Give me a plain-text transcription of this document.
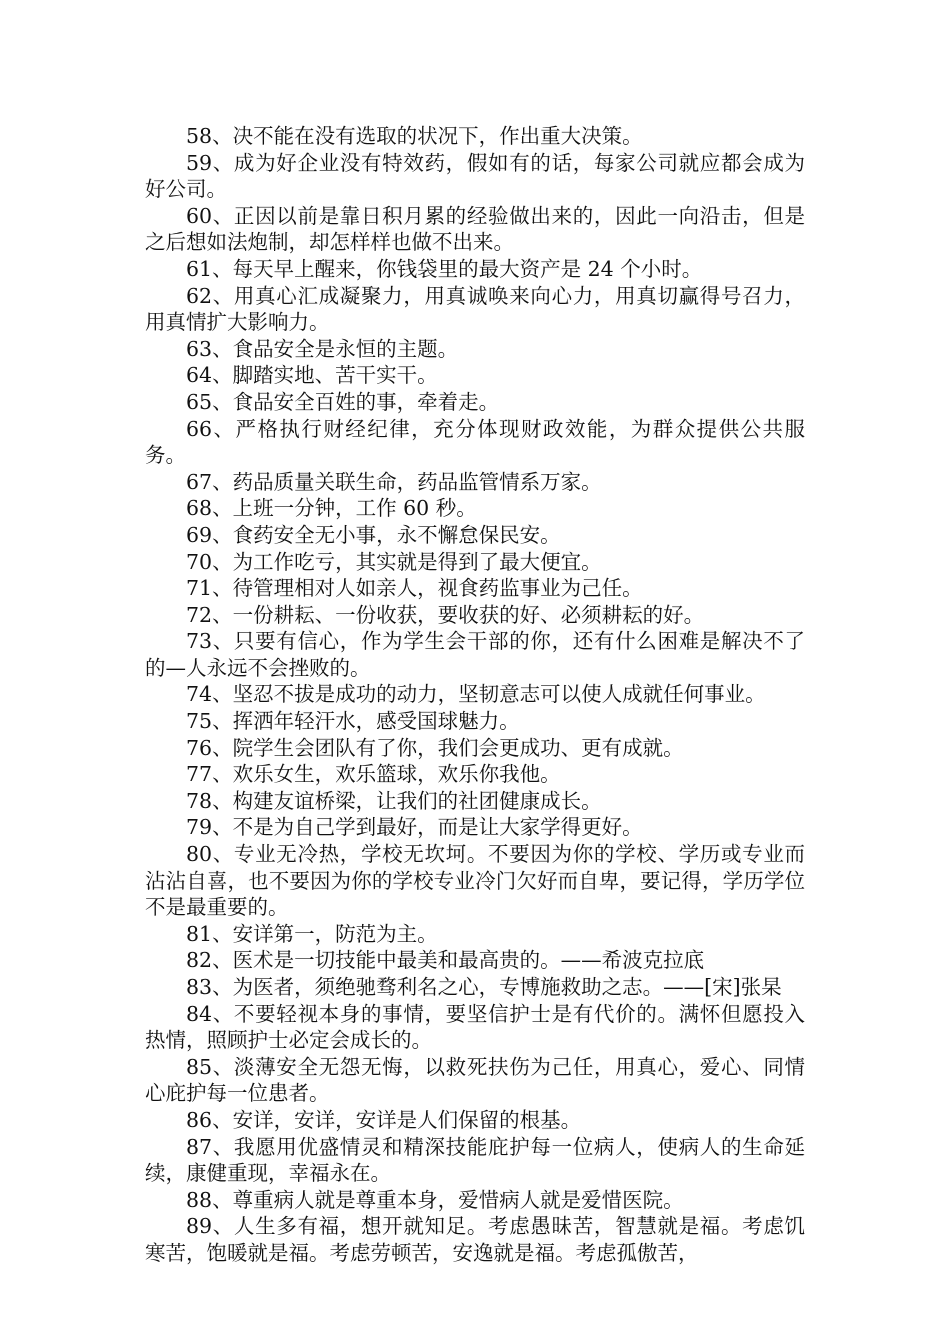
58、决不能在没有选取的状况下，作出重大决策。

59、成为好企业没有特效药，假如有的话，每家公司就应都会成为好公司。

60、正因以前是靠日积月累的经验做出来的，因此一向沿击，但是之后想如法炮制，却怎样样也做不出来。

61、每天早上醒来，你钱袋里的最大资产是 24 个小时。

62、用真心汇成凝聚力，用真诚唤来向心力，用真切赢得号召力，用真情扩大影响力。

63、食品安全是永恒的主题。

64、脚踏实地、苦干实干。

65、食品安全百姓的事，牵着走。

66、严格执行财经纪律，充分体现财政效能，为群众提供公共服务。

67、药品质量关联生命，药品监管情系万家。

68、上班一分钟，工作 60 秒。

69、食药安全无小事，永不懈怠保民安。

70、为工作吃亏，其实就是得到了最大便宜。

71、待管理相对人如亲人，视食药监事业为己任。

72、一份耕耘、一份收获，要收获的好、必须耕耘的好。

73、只要有信心，作为学生会干部的你，还有什么困难是解决不了的—人永远不会挫败的。

74、坚忍不拔是成功的动力，坚韧意志可以使人成就任何事业。

75、挥洒年轻汗水，感受国球魅力。

76、院学生会团队有了你，我们会更成功、更有成就。

77、欢乐女生，欢乐篮球，欢乐你我他。

78、构建友谊桥梁，让我们的社团健康成长。

79、不是为自己学到最好，而是让大家学得更好。

80、专业无冷热，学校无坎坷。不要因为你的学校、学历或专业而沾沾自喜，也不要因为你的学校专业冷门欠好而自卑，要记得，学历学位不是最重要的。

81、安详第一，防范为主。

82、医术是一切技能中最美和最高贵的。——希波克拉底

83、为医者，须绝驰骛利名之心，专博施救助之志。——[宋]张杲

84、不要轻视本身的事情，要坚信护士是有代价的。满怀但愿投入热情，照顾护士必定会成长的。

85、淡薄安全无怨无悔，以救死扶伤为己任，用真心，爱心、同情心庇护每一位患者。

86、安详，安详，安详是人们保留的根基。

87、我愿用优盛情灵和精深技能庇护每一位病人，使病人的生命延 续，康健重现，幸福永在。

88、尊重病人就是尊重本身，爱惜病人就是爱惜医院。

89、人生多有福，想开就知足。考虑愚昧苦，智慧就是福。考虑饥寒苦，饱暖就是福。考虑劳顿苦，安逸就是福。考虑孤傲苦，
